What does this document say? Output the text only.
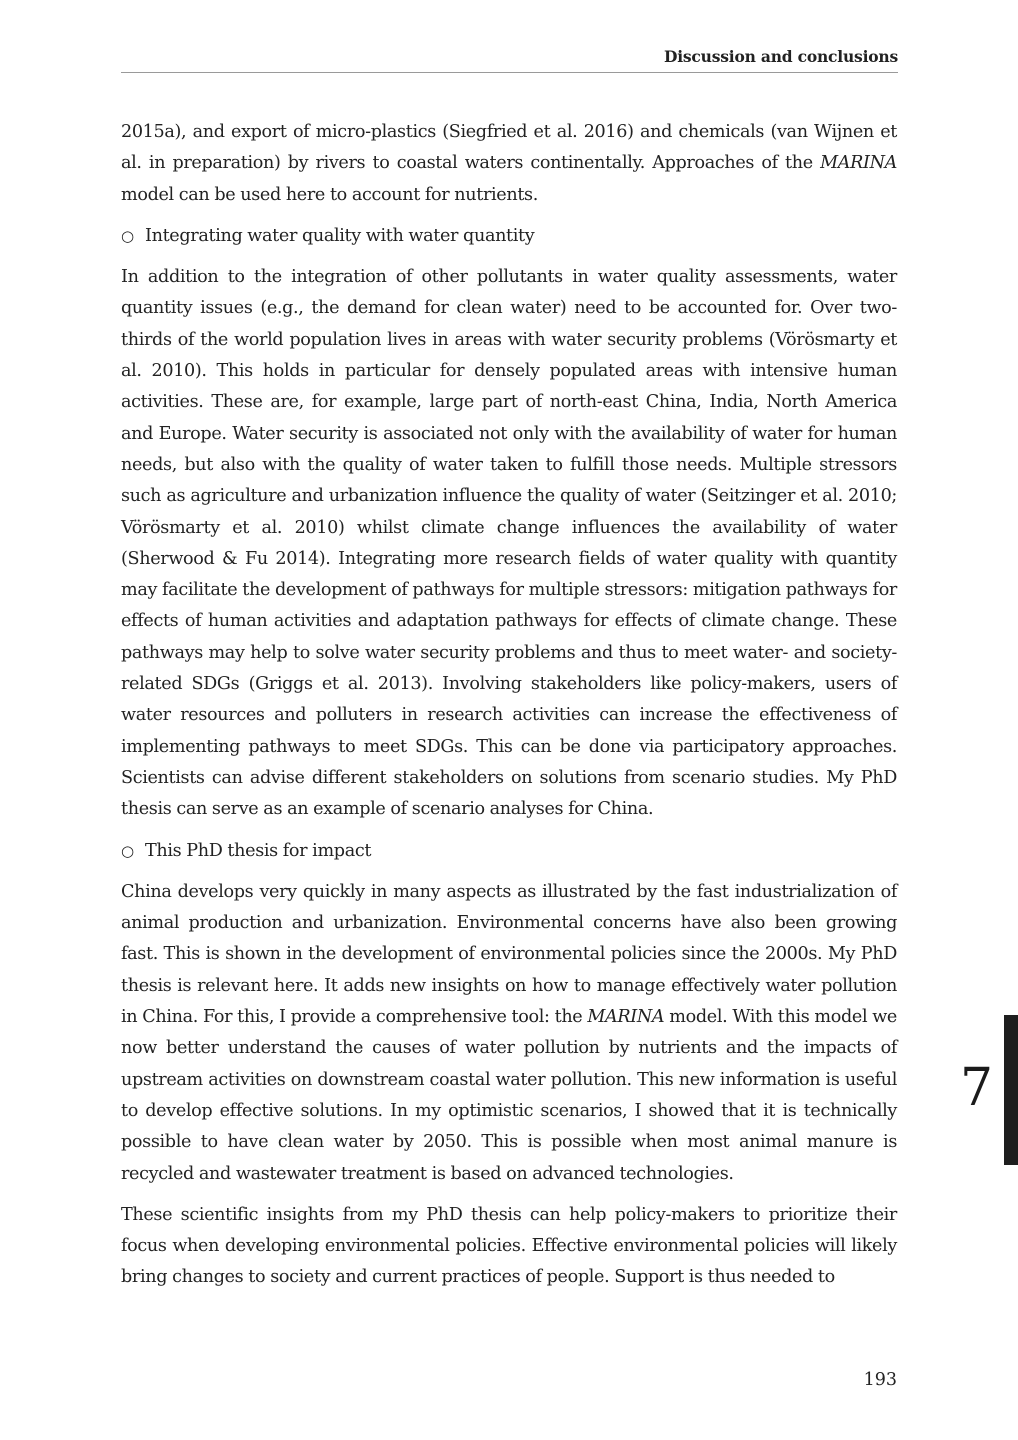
Discussion and conclusions

2015a), and export of micro-plastics (Siegfried et al. 2016) and chemicals (van Wijnen et al. in preparation) by rivers to coastal waters continentally. Approaches of the MARINA model can be used here to account for nutrients.

○ Integrating water quality with water quantity

In addition to the integration of other pollutants in water quality assessments, water quantity issues (e.g., the demand for clean water) need to be accounted for. Over two-thirds of the world population lives in areas with water security problems (Vörösmarty et al. 2010). This holds in particular for densely populated areas with intensive human activities. These are, for example, large part of north-east China, India, North America and Europe. Water security is associated not only with the availability of water for human needs, but also with the quality of water taken to fulfill those needs. Multiple stressors such as agriculture and urbanization influence the quality of water (Seitzinger et al. 2010; Vörösmarty et al. 2010) whilst climate change influences the availability of water (Sherwood & Fu 2014). Integrating more research fields of water quality with quantity may facilitate the development of pathways for multiple stressors: mitigation pathways for effects of human activities and adaptation pathways for effects of climate change. These pathways may help to solve water security problems and thus to meet water- and society-related SDGs (Griggs et al. 2013). Involving stakeholders like policy-makers, users of water resources and polluters in research activities can increase the effectiveness of implementing pathways to meet SDGs. This can be done via participatory approaches. Scientists can advise different stakeholders on solutions from scenario studies. My PhD thesis can serve as an example of scenario analyses for China.

○ This PhD thesis for impact

China develops very quickly in many aspects as illustrated by the fast industrialization of animal production and urbanization. Environmental concerns have also been growing fast. This is shown in the development of environmental policies since the 2000s. My PhD thesis is relevant here. It adds new insights on how to manage effectively water pollution in China. For this, I provide a comprehensive tool: the MARINA model. With this model we now better understand the causes of water pollution by nutrients and the impacts of upstream activities on downstream coastal water pollution. This new information is useful to develop effective solutions. In my optimistic scenarios, I showed that it is technically possible to have clean water by 2050. This is possible when most animal manure is recycled and wastewater treatment is based on advanced technologies.

These scientific insights from my PhD thesis can help policy-makers to prioritize their focus when developing environmental policies. Effective environmental policies will likely bring changes to society and current practices of people. Support is thus needed to

7
193
